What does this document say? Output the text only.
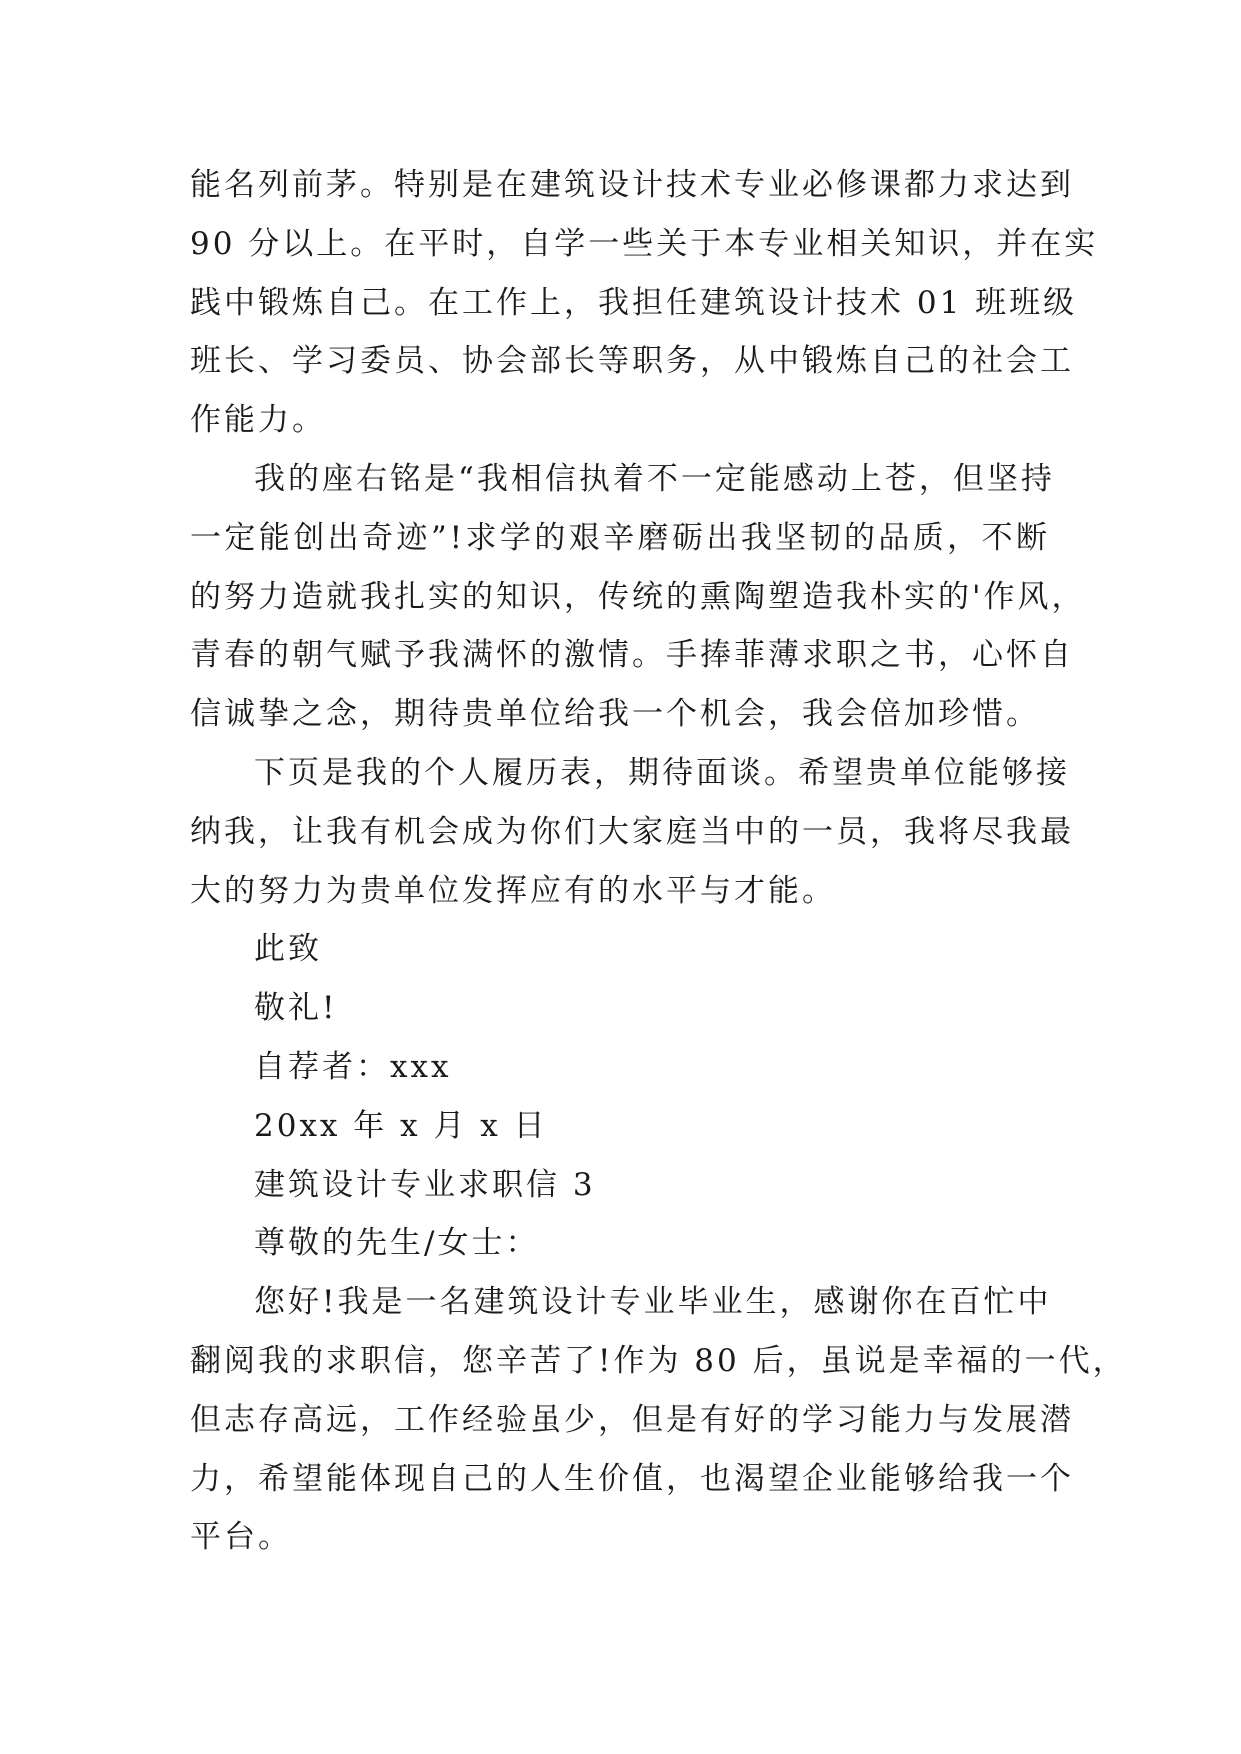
能名列前茅。特别是在建筑设计技术专业必修课都力求达到
90 分以上。在平时，自学一些关于本专业相关知识，并在实
践中锻炼自己。在工作上，我担任建筑设计技术 01 班班级
班长、学习委员、协会部长等职务，从中锻炼自己的社会工
作能力。
我的座右铭是“我相信执着不一定能感动上苍，但坚持
一定能创出奇迹”!求学的艰辛磨砺出我坚韧的品质，不断
的努力造就我扎实的知识，传统的熏陶塑造我朴实的'作风，
青春的朝气赋予我满怀的激情。手捧菲薄求职之书，心怀自
信诚挚之念，期待贵单位给我一个机会，我会倍加珍惜。
下页是我的个人履历表，期待面谈。希望贵单位能够接
纳我，让我有机会成为你们大家庭当中的一员，我将尽我最
大的努力为贵单位发挥应有的水平与才能。
此致
敬礼!
自荐者：xxx
20xx 年 x 月 x 日
建筑设计专业求职信 3
尊敬的先生/女士：
您好!我是一名建筑设计专业毕业生，感谢你在百忙中
翻阅我的求职信，您辛苦了!作为 80 后，虽说是幸福的一代，
但志存高远，工作经验虽少，但是有好的学习能力与发展潜
力，希望能体现自己的人生价值，也渴望企业能够给我一个
平台。
